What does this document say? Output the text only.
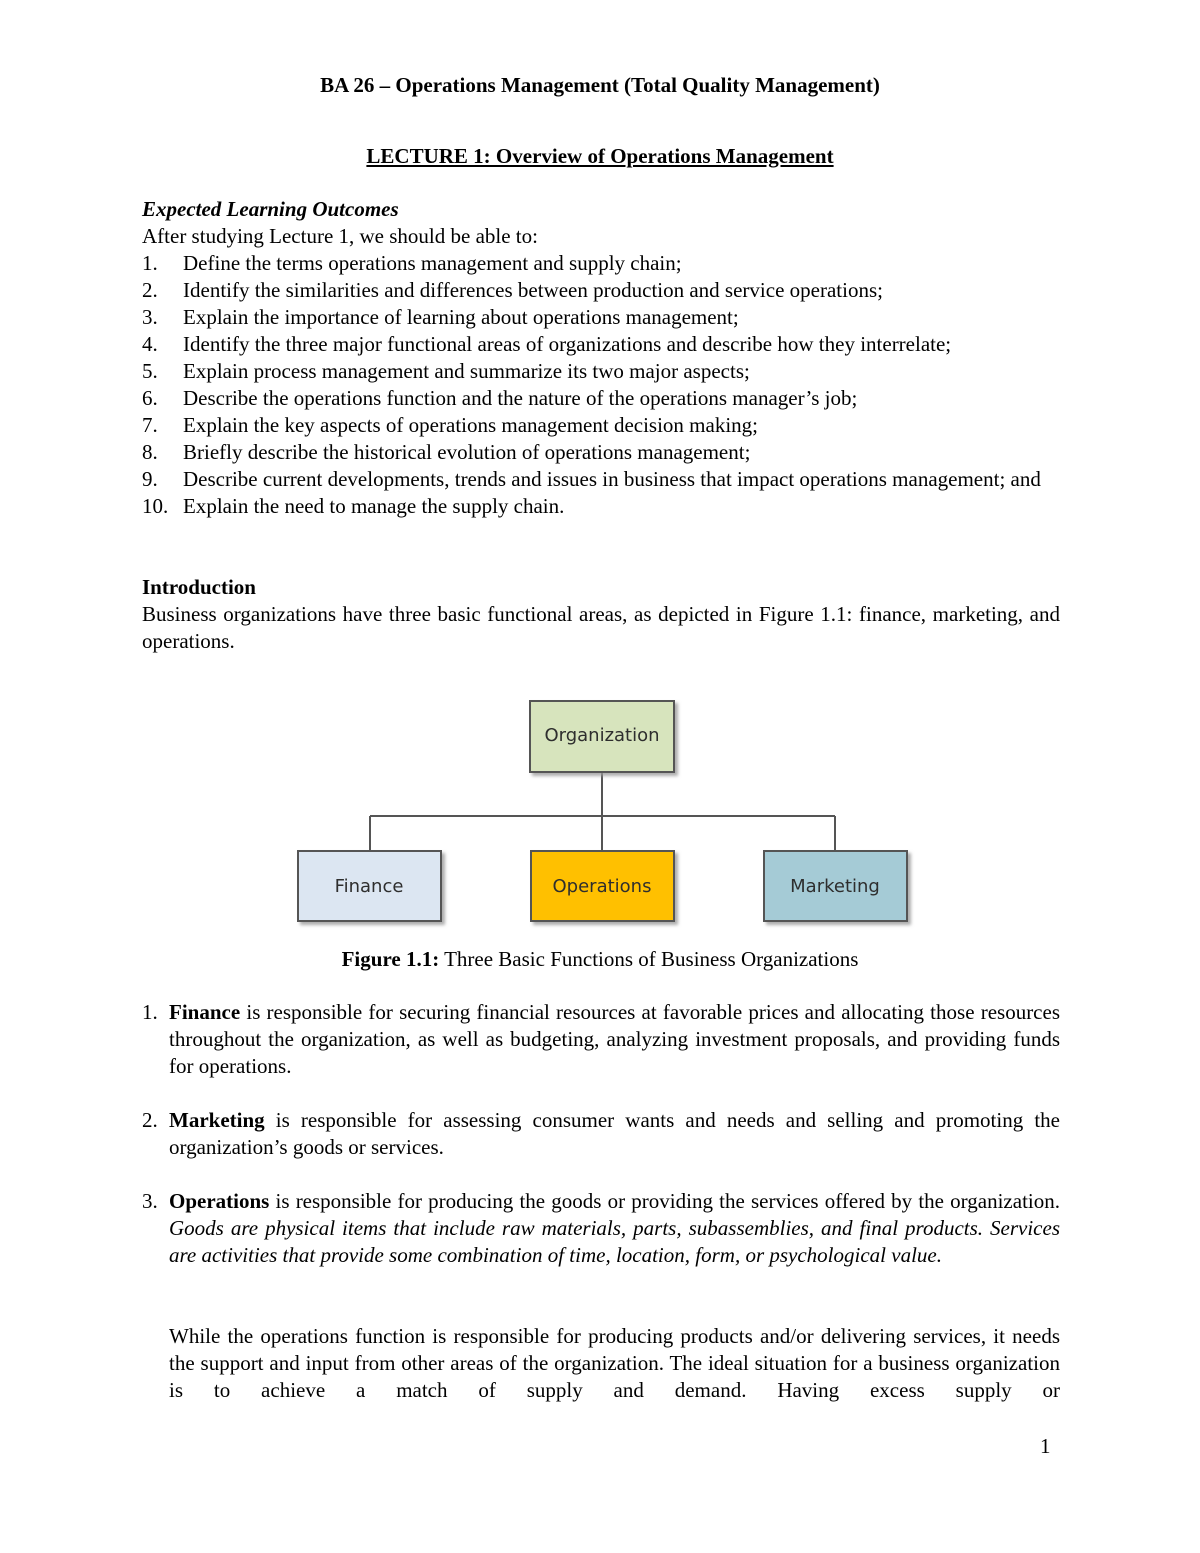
BA 26 – Operations Management (Total Quality Management)
LECTURE 1: Overview of Operations Management
Expected Learning Outcomes
After studying Lecture 1, we should be able to:
1. Define the terms operations management and supply chain;
2. Identify the similarities and differences between production and service operations;
3. Explain the importance of learning about operations management;
4. Identify the three major functional areas of organizations and describe how they interrelate;
5. Explain process management and summarize its two major aspects;
6. Describe the operations function and the nature of the operations manager’s job;
7. Explain the key aspects of operations management decision making;
8. Briefly describe the historical evolution of operations management;
9. Describe current developments, trends and issues in business that impact operations management; and
10. Explain the need to manage the supply chain.
Introduction
Business organizations have three basic functional areas, as depicted in Figure 1.1: finance, marketing, and operations.
Organization
Finance	Operations	Marketing
Figure 1.1: Three Basic Functions of Business Organizations
1. Finance is responsible for securing financial resources at favorable prices and allocating those resources throughout the organization, as well as budgeting, analyzing investment proposals, and providing funds for operations.
2. Marketing is responsible for assessing consumer wants and needs and selling and promoting the organization’s goods or services.
3. Operations is responsible for producing the goods or providing the services offered by the organization. Goods are physical items that include raw materials, parts, subassemblies, and final products. Services are activities that provide some combination of time, location, form, or psychological value.
While the operations function is responsible for producing products and/or delivering services, it needs the support and input from other areas of the organization. The ideal situation for a business organization is to achieve a match of supply and demand. Having excess supply or
1
